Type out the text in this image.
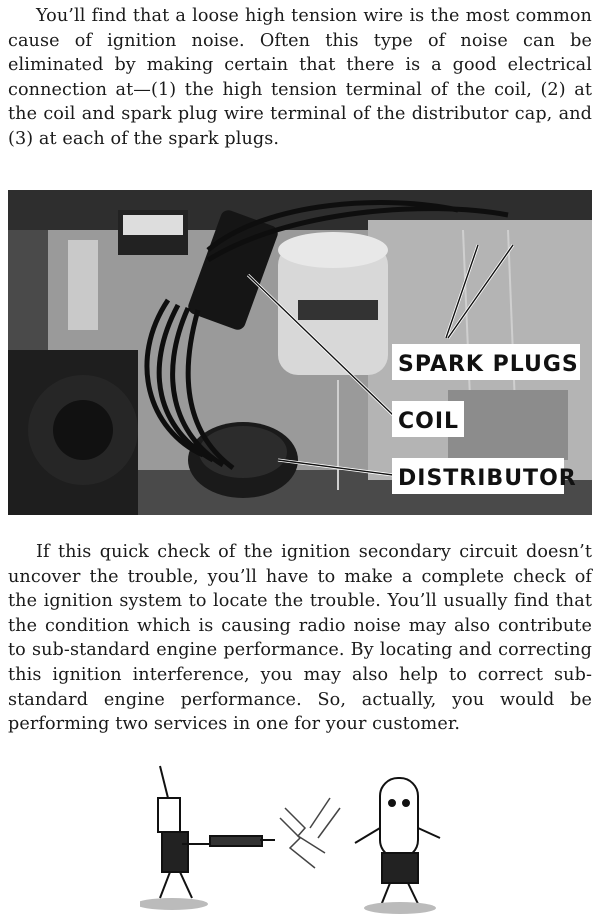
You’ll find that a loose high tension wire is the most common cause of ignition noise. Often this type of noise can be eliminated by making certain that there is a good electrical connection at—(1) the high tension terminal of the coil, (2) at the coil and spark plug wire terminal of the distributor cap, and (3) at each of the spark plugs.

SPARK PLUGS
COIL
DISTRIBUTOR

If this quick check of the ignition secondary circuit doesn’t uncover the trouble, you’ll have to make a complete check of the ignition system to locate the trouble. You’ll usually find that the condition which is causing radio noise may also contribute to sub-standard engine performance. By locating and correcting this ignition interference, you may also help to correct sub-standard engine performance. So, actually, you would be performing two services in one for your customer.
